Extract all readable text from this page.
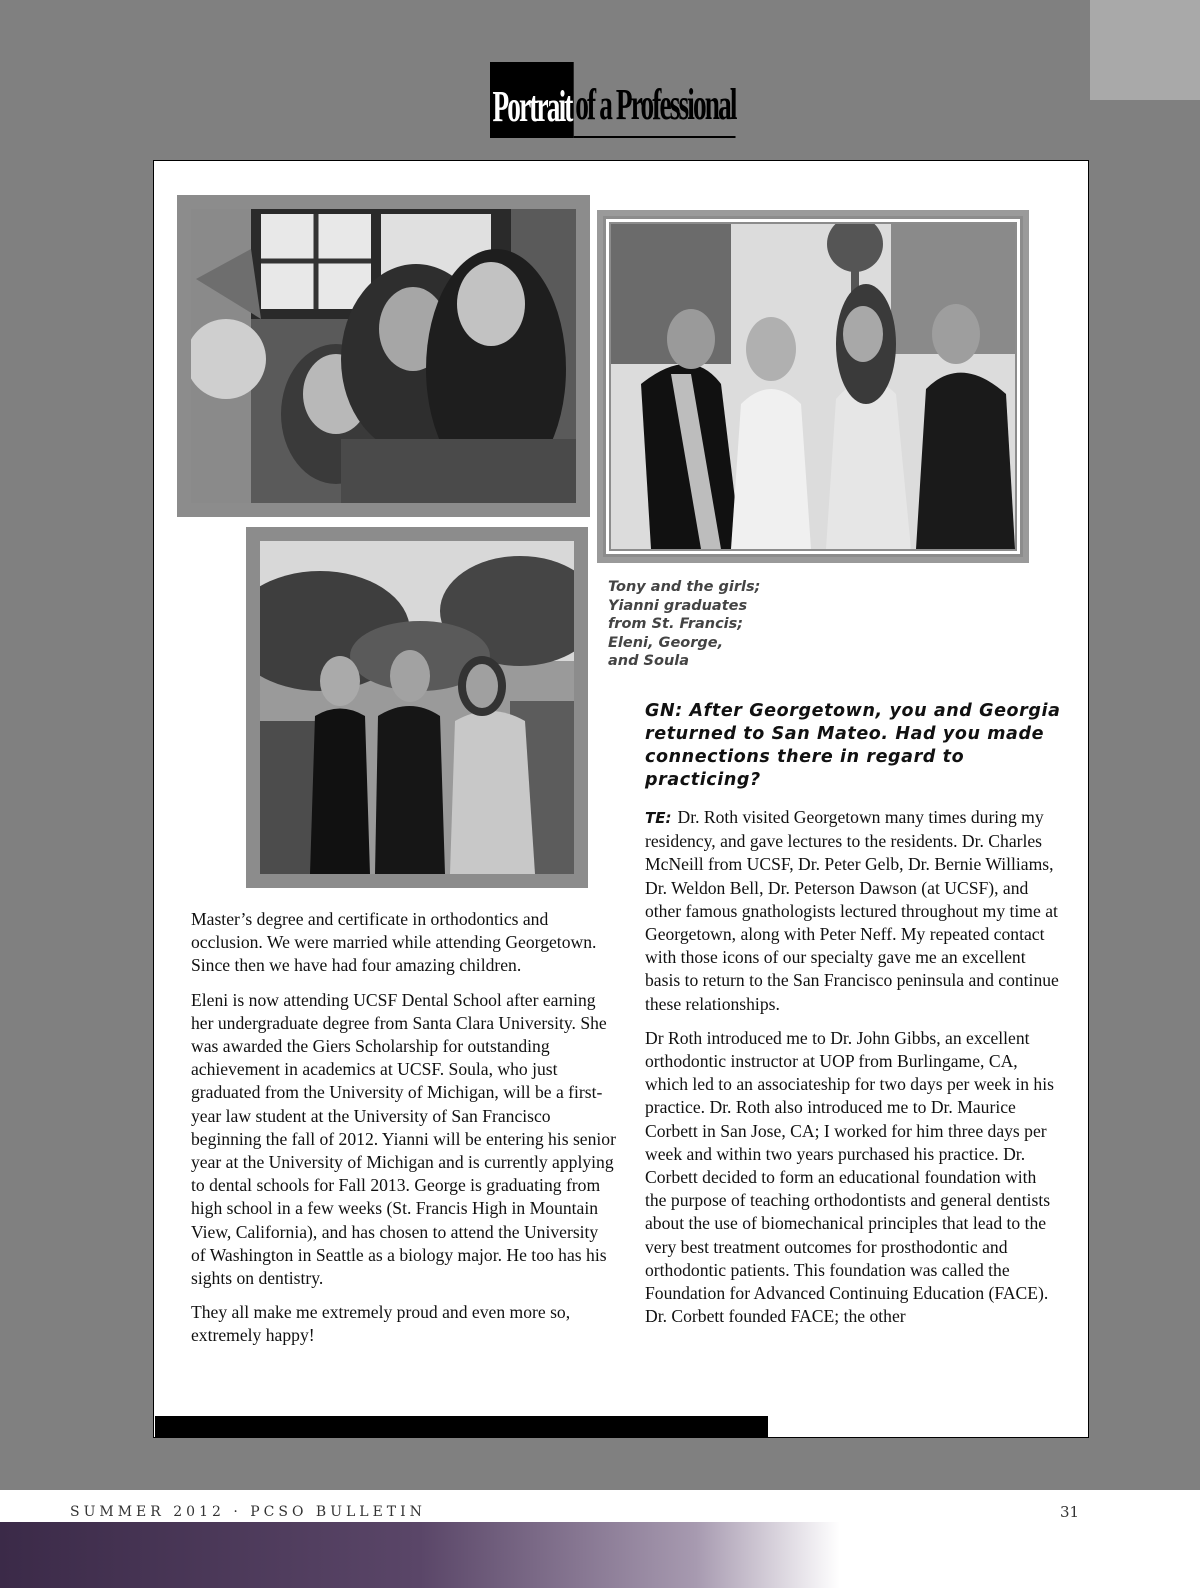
Portrait of a Professional
Tony and the girls;
Yianni graduates
from St. Francis;
Eleni, George,
and Soula

Master’s degree and certificate in orthodontics and occlusion. We were married while attending Georgetown. Since then we have had four amazing children.

Eleni is now attending UCSF Dental School after earning her undergraduate degree from Santa Clara University. She was awarded the Giers Scholarship for outstanding achievement in academics at UCSF. Soula, who just graduated from the University of Michigan, will be a first-year law student at the University of San Francisco beginning the fall of 2012. Yianni will be entering his senior year at the University of Michigan and is currently applying to dental schools for Fall 2013. George is graduating from high school in a few weeks (St. Francis High in Mountain View, California), and has chosen to attend the University of Washington in Seattle as a biology major. He too has his sights on dentistry.

They all make me extremely proud and even more so, extremely happy!

GN: After Georgetown, you and Georgia returned to San Mateo. Had you made connections there in regard to practicing?

TE: Dr. Roth visited Georgetown many times during my residency, and gave lectures to the residents. Dr. Charles McNeill from UCSF, Dr. Peter Gelb, Dr. Bernie Williams, Dr. Weldon Bell, Dr. Peterson Dawson (at UCSF), and other famous gnathologists lectured throughout my time at Georgetown, along with Peter Neff. My repeated contact with those icons of our specialty gave me an excellent basis to return to the San Francisco peninsula and continue these relationships.

Dr Roth introduced me to Dr. John Gibbs, an excellent orthodontic instructor at UOP from Burlingame, CA, which led to an associateship for two days per week in his practice. Dr. Roth also introduced me to Dr. Maurice Corbett in San Jose, CA; I worked for him three days per week and within two years purchased his practice. Dr. Corbett decided to form an educational foundation with the purpose of teaching orthodontists and general dentists about the use of biomechanical principles that lead to the very best treatment outcomes for prosthodontic and orthodontic patients. This foundation was called the Foundation for Advanced Continuing Education (FACE). Dr. Corbett founded FACE; the other

SUMMER 2012 · PCSO BULLETIN	31
